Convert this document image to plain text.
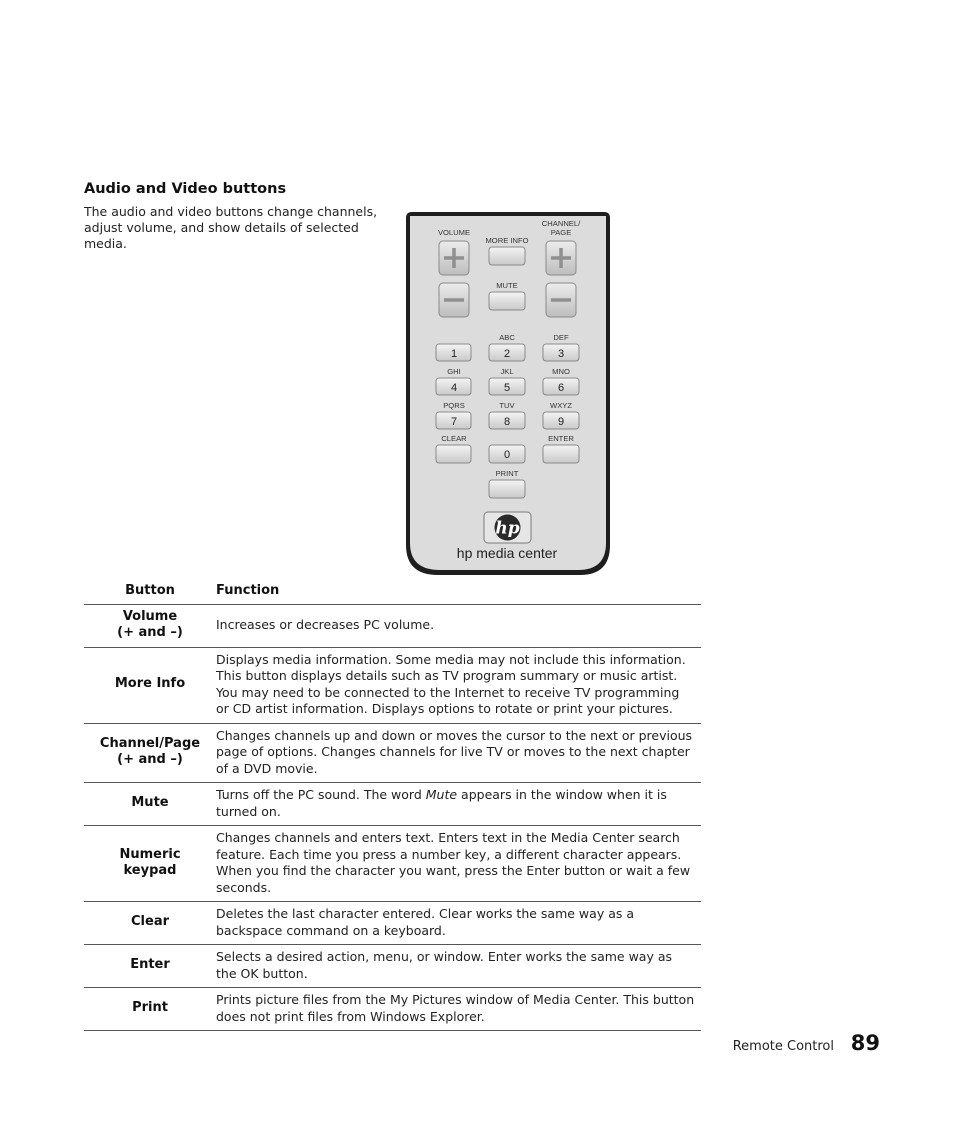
Audio and Video buttons

The audio and video buttons change channels, adjust volume, and show details of selected media.

VOLUME
MORE INFO
CHANNEL/
PAGE
MUTE
ABC	DEF
1	2	3
GHI	JKL	MNO
4	5	6
PQRS	TUV	WXYZ
7	8	9
CLEAR	ENTER
0
PRINT
hp
hp media center
Button	Function
Volume
(+ and –)	Increases or decreases PC volume.
More Info	Displays media information. Some media may not include this information. This button displays details such as TV program summary or music artist. You may need to be connected to the Internet to receive TV programming or CD artist information. Displays options to rotate or print your pictures.
Channel/Page
(+ and –)	Changes channels up and down or moves the cursor to the next or previous page of options. Changes channels for live TV or moves to the next chapter of a DVD movie.
Mute	Turns off the PC sound. The word Mute appears in the window when it is turned on.
Numeric
keypad	Changes channels and enters text. Enters text in the Media Center search feature. Each time you press a number key, a different character appears. When you find the character you want, press the Enter button or wait a few seconds.
Clear	Deletes the last character entered. Clear works the same way as a backspace command on a keyboard.
Enter	Selects a desired action, menu, or window. Enter works the same way as the OK button.
Print	Prints picture files from the My Pictures window of Media Center. This button does not print files from Windows Explorer.
Remote Control 89
